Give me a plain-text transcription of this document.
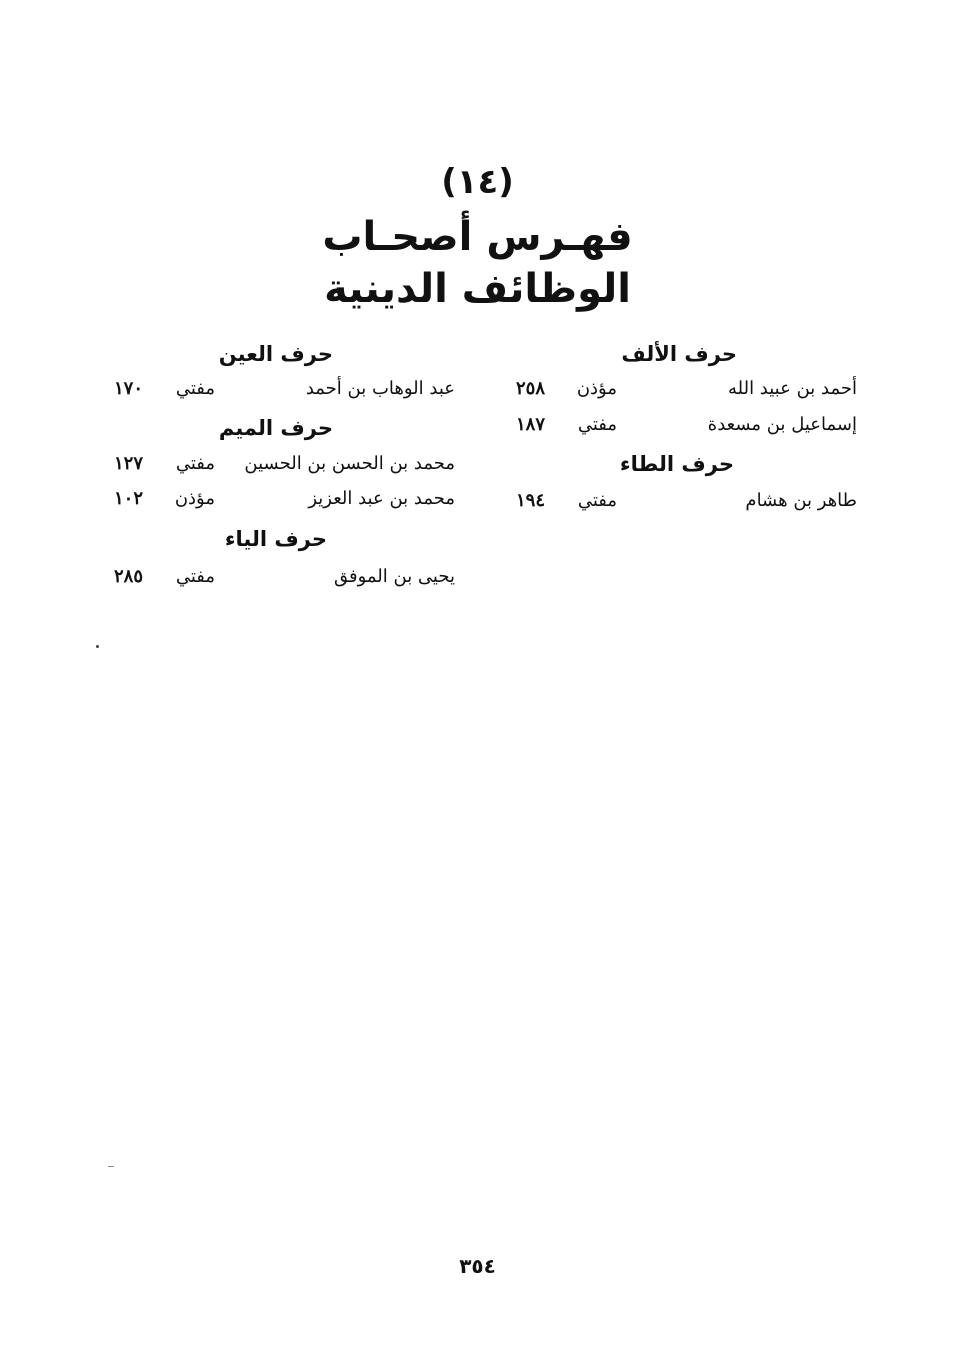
(١٤)
فهـرس أصحـاب
الوظائف الدينية
حرف الألف
أحمد بن عبيد الله
مؤذن
٢٥٨
إسماعيل بن مسعدة
مفتي
١٨٧
حرف الطاء
طاهر بن هشام
مفتي
١٩٤
حرف العين
عبد الوهاب بن أحمد
مفتي
١٧٠
حرف الميم
محمد بن الحسن بن الحسين
مفتي
١٢٧
محمد بن عبد العزيز
مؤذن
١٠٢
حرف الياء
يحيى بن الموفق
مفتي
٢٨٥
٣٥٤
